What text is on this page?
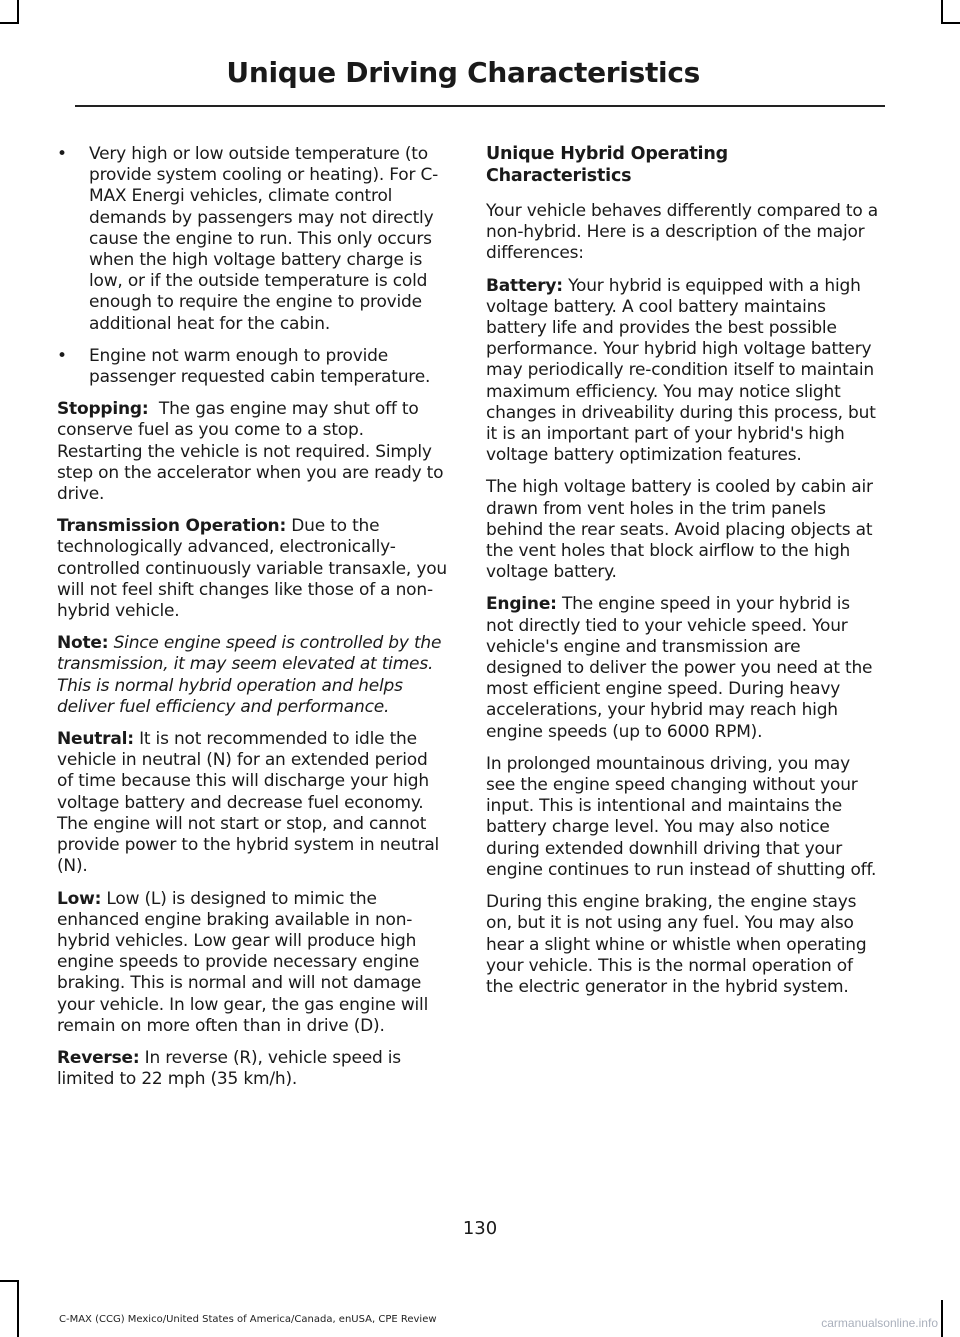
Unique Driving Characteristics
• Very high or low outside temperature (to provide system cooling or heating). For C-MAX Energi vehicles, climate control demands by passengers may not directly cause the engine to run. This only occurs when the high voltage battery charge is low, or if the outside temperature is cold enough to require the engine to provide additional heat for the cabin.
• Engine not warm enough to provide passenger requested cabin temperature.

Stopping:  The gas engine may shut off to conserve fuel as you come to a stop. Restarting the vehicle is not required. Simply step on the accelerator when you are ready to drive.

Transmission Operation: Due to the technologically advanced, electronically-controlled continuously variable transaxle, you will not feel shift changes like those of a non-hybrid vehicle.

Note: Since engine speed is controlled by the transmission, it may seem elevated at times. This is normal hybrid operation and helps deliver fuel efficiency and performance.

Neutral: It is not recommended to idle the vehicle in neutral (N) for an extended period of time because this will discharge your high voltage battery and decrease fuel economy. The engine will not start or stop, and cannot provide power to the hybrid system in neutral (N).

Low: Low (L) is designed to mimic the enhanced engine braking available in non-hybrid vehicles. Low gear will produce high engine speeds to provide necessary engine braking. This is normal and will not damage your vehicle. In low gear, the gas engine will remain on more often than in drive (D).

Reverse: In reverse (R), vehicle speed is limited to 22 mph (35 km/h).

Unique Hybrid Operating Characteristics

Your vehicle behaves differently compared to a non-hybrid. Here is a description of the major differences:

Battery: Your hybrid is equipped with a high voltage battery. A cool battery maintains battery life and provides the best possible performance. Your hybrid high voltage battery may periodically re-condition itself to maintain maximum efficiency. You may notice slight changes in driveability during this process, but it is an important part of your hybrid's high voltage battery optimization features.

The high voltage battery is cooled by cabin air drawn from vent holes in the trim panels behind the rear seats. Avoid placing objects at the vent holes that block airflow to the high voltage battery.

Engine: The engine speed in your hybrid is not directly tied to your vehicle speed. Your vehicle's engine and transmission are designed to deliver the power you need at the most efficient engine speed. During heavy accelerations, your hybrid may reach high engine speeds (up to 6000 RPM).

In prolonged mountainous driving, you may see the engine speed changing without your input. This is intentional and maintains the battery charge level. You may also notice during extended downhill driving that your engine continues to run instead of shutting off.

During this engine braking, the engine stays on, but it is not using any fuel. You may also hear a slight whine or whistle when operating your vehicle. This is the normal operation of the electric generator in the hybrid system.

130
C-MAX (CCG) Mexico/United States of America/Canada, enUSA, CPE Review	carmanualsonline.info
